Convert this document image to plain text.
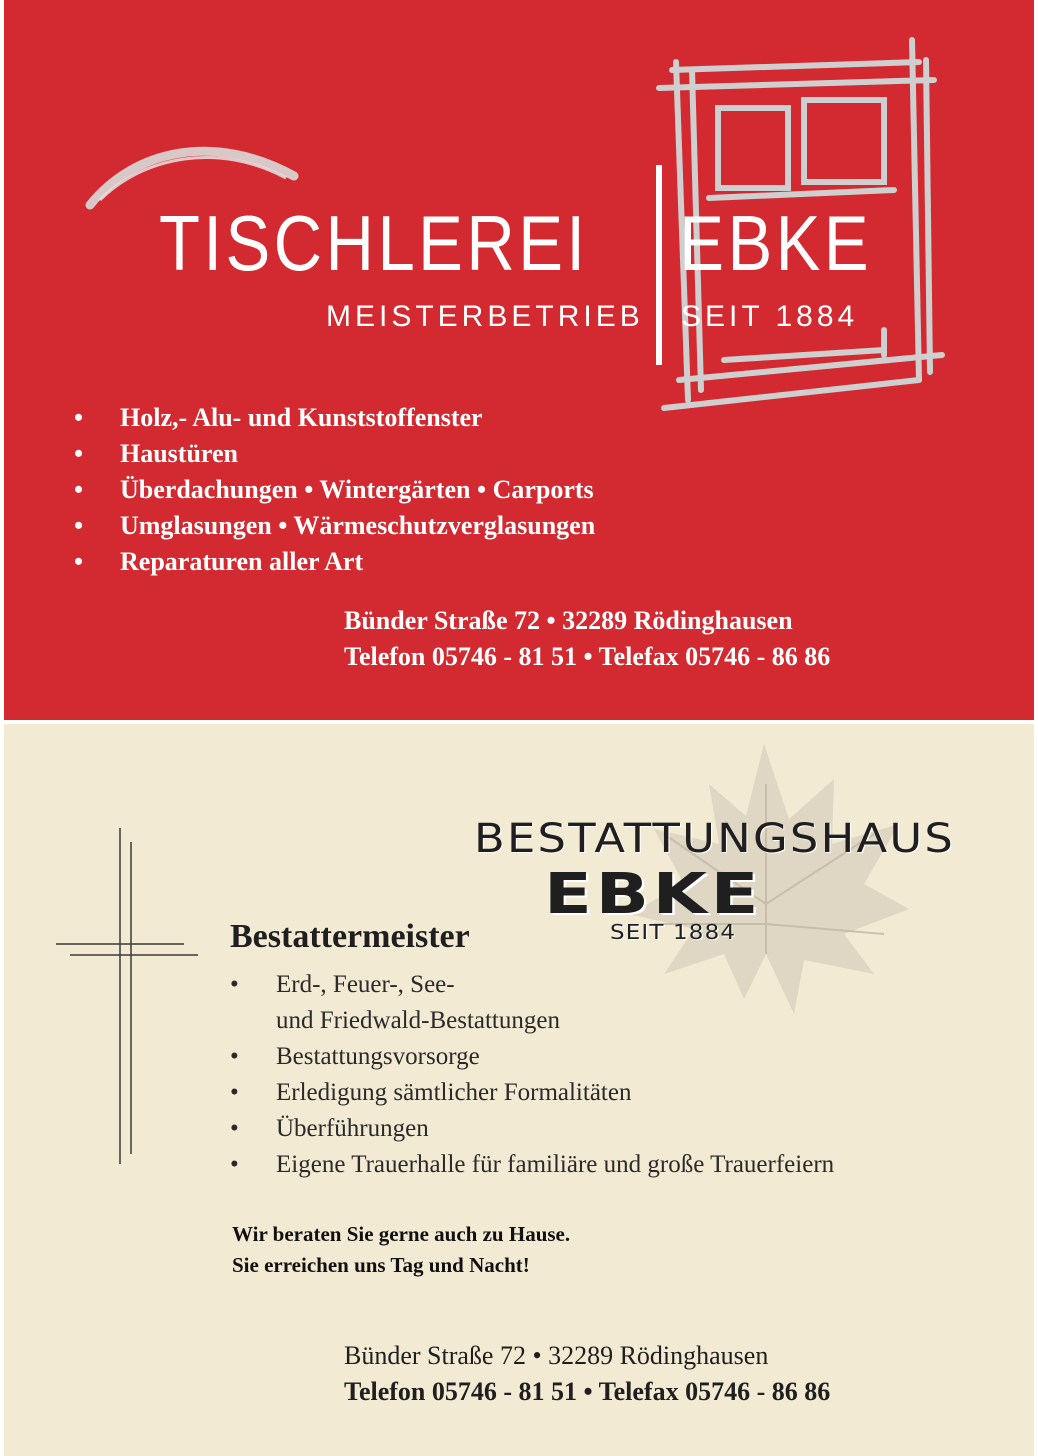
TISCHLEREI EBKE
MEISTERBETRIEB SEIT 1884
• Holz,- Alu- und Kunststoffenster
• Haustüren
• Überdachungen • Wintergärten • Carports
• Umglasungen • Wärmeschutzverglasungen
• Reparaturen aller Art
Bünder Straße 72 • 32289 Rödinghausen
Telefon 05746 - 81 51 • Telefax 05746 - 86 86
BESTATTUNGSHAUS
EBKE
SEIT 1884
Bestattermeister
• Erd-, Feuer-, See-
und Friedwald-Bestattungen
• Bestattungsvorsorge
• Erledigung sämtlicher Formalitäten
• Überführungen
• Eigene Trauerhalle für familiäre und große Trauerfeiern
Wir beraten Sie gerne auch zu Hause.
Sie erreichen uns Tag und Nacht!
Bünder Straße 72 • 32289 Rödinghausen
Telefon 05746 - 81 51 • Telefax 05746 - 86 86
